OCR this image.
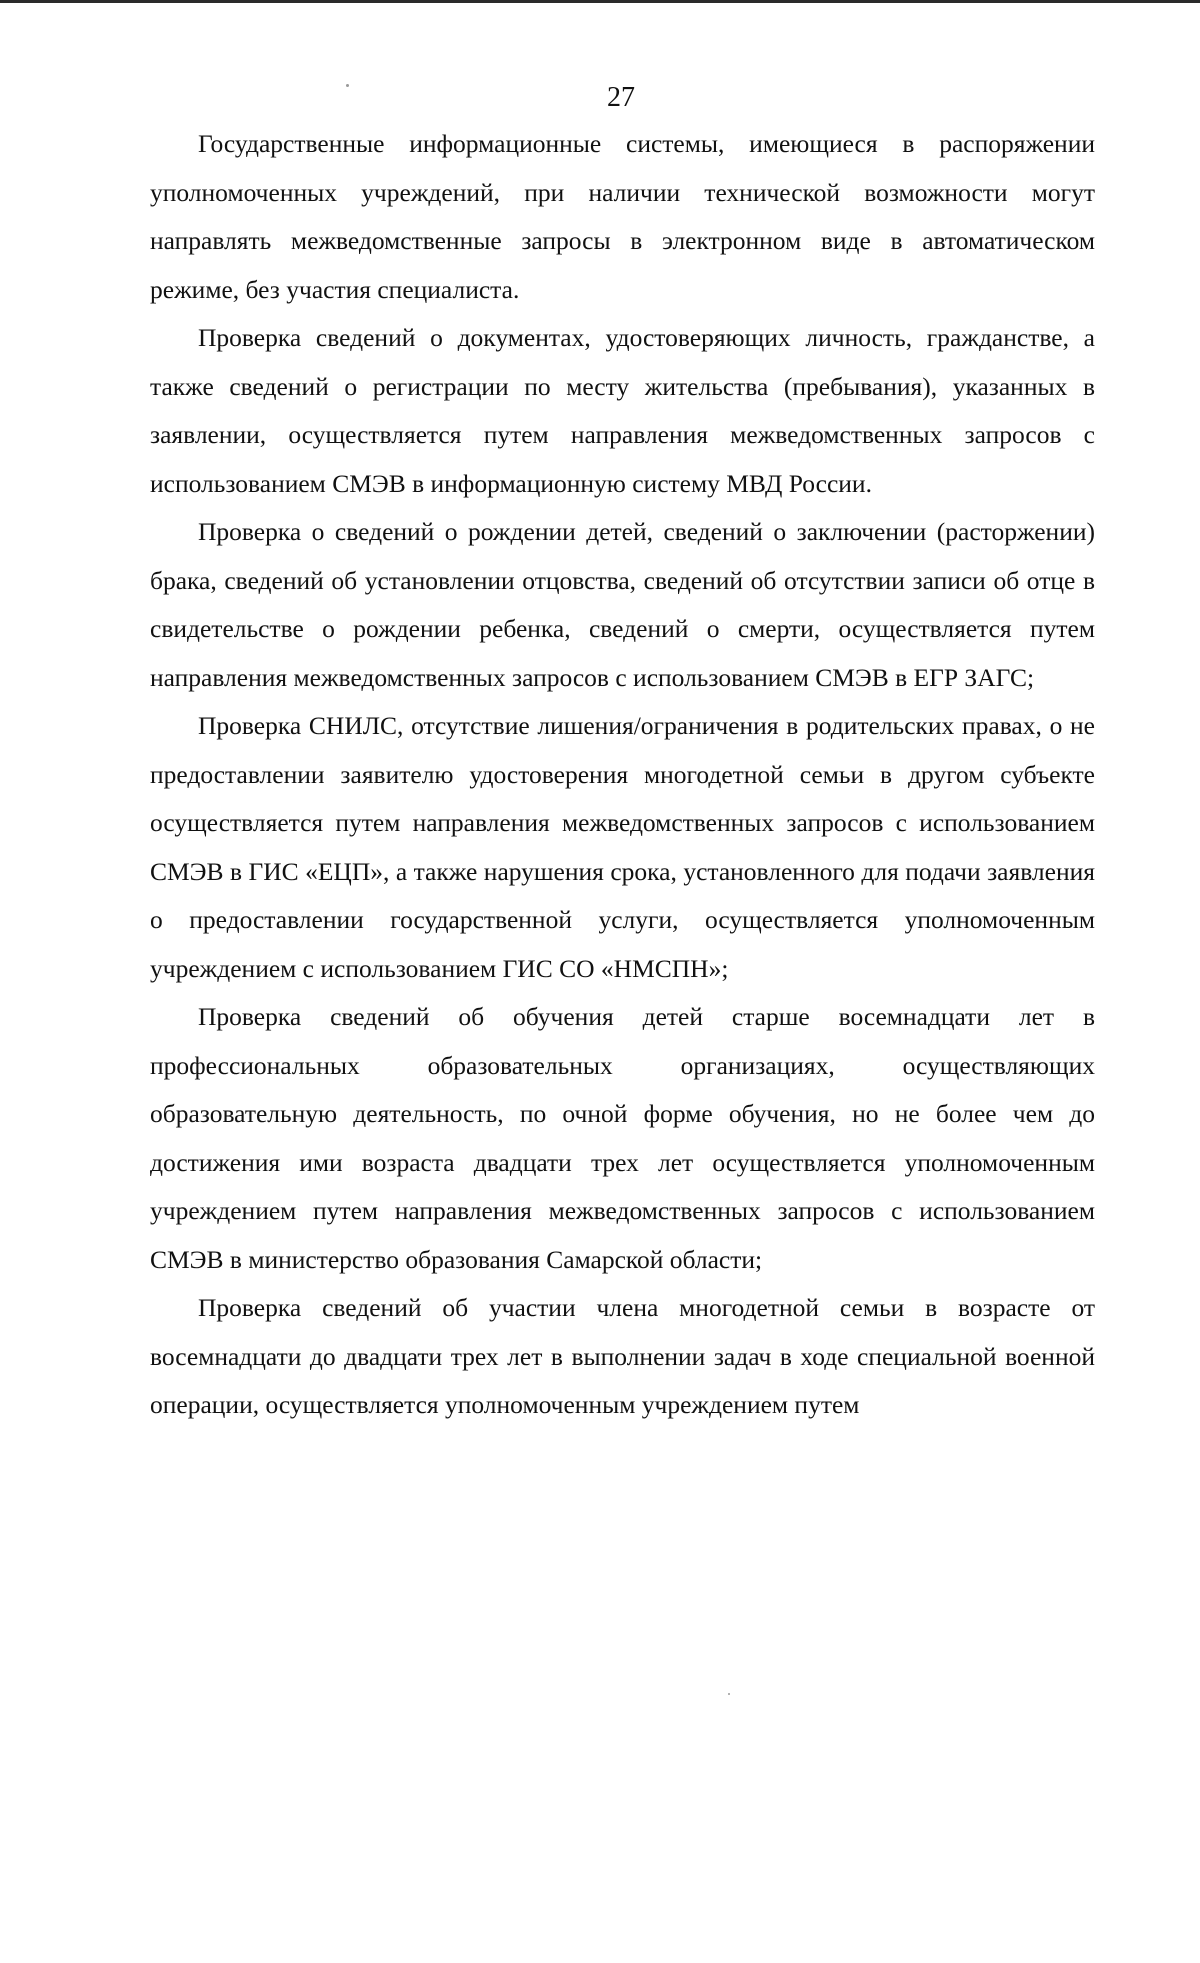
27

Государственные информационные системы, имеющиеся в распоряжении уполномоченных учреждений, при наличии технической возможности могут направлять межведомственные запросы в электронном виде в автоматическом режиме, без участия специалиста.

Проверка сведений о документах, удостоверяющих личность, гражданстве, а также сведений о регистрации по месту жительства (пребывания), указанных в заявлении, осуществляется путем направления межведомственных запросов с использованием СМЭВ в информационную систему МВД России.

Проверка о сведений о рождении детей, сведений о заключении (расторжении) брака, сведений об установлении отцовства, сведений об отсутствии записи об отце в свидетельстве о рождении ребенка, сведений о смерти, осуществляется путем направления межведомственных запросов с использованием СМЭВ в ЕГР ЗАГС;

Проверка СНИЛС, отсутствие лишения/ограничения в родительских правах, о не предоставлении заявителю удостоверения многодетной семьи в другом субъекте осуществляется путем направления межведомственных запросов с использованием СМЭВ в ГИС «ЕЦП», а также нарушения срока, установленного для подачи заявления о предоставлении государственной услуги, осуществляется уполномоченным учреждением с использованием ГИС СО «НМСПН»;

Проверка сведений об обучения детей старше восемнадцати лет в профессиональных образовательных организациях, осуществляющих образовательную деятельность, по очной форме обучения, но не более чем до достижения ими возраста двадцати трех лет осуществляется уполномоченным учреждением путем направления межведомственных запросов с использованием СМЭВ в министерство образования Самарской области;

Проверка сведений об участии члена многодетной семьи в возрасте от восемнадцати до двадцати трех лет в выполнении задач в ходе специальной военной операции, осуществляется уполномоченным учреждением путем
